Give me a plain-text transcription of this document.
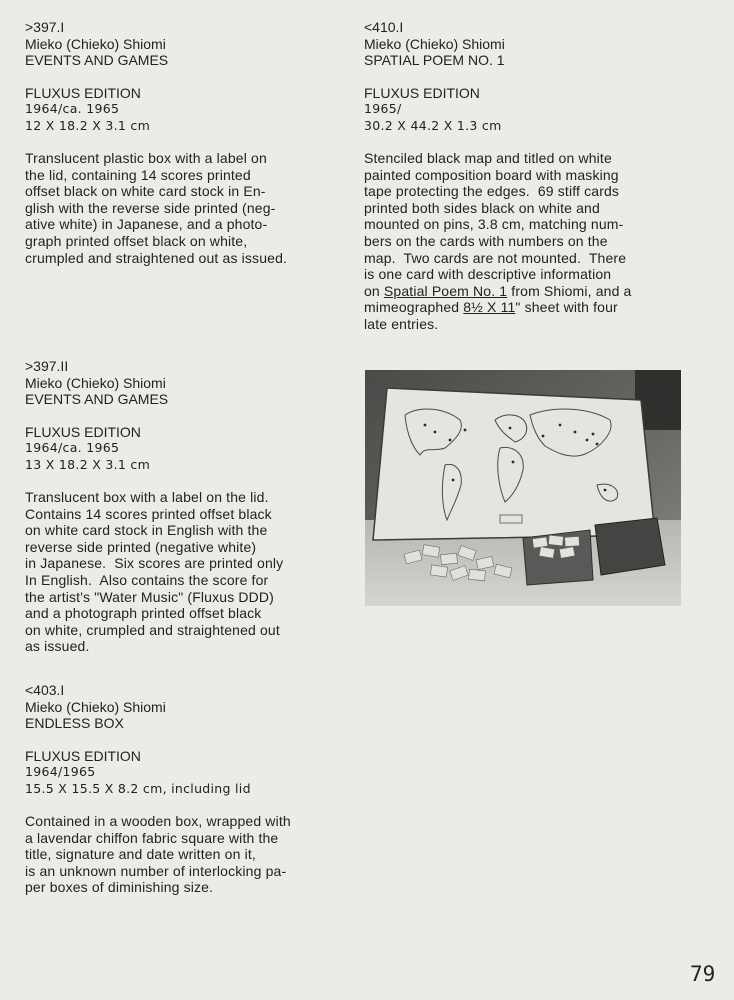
>397.I
Mieko (Chieko) Shiomi
EVENTS AND GAMES
FLUXUS EDITION
1964/ca. 1965
12 X 18.2 X 3.1 cm
Translucent plastic box with a label on
the lid, containing 14 scores printed
offset black on white card stock in En-
glish with the reverse side printed (neg-
ative white) in Japanese, and a photo-
graph printed offset black on white,
crumpled and straightened out as issued.
<410.I
Mieko (Chieko) Shiomi
SPATIAL POEM NO. 1
FLUXUS EDITION
1965/
30.2 X 44.2 X 1.3 cm
Stenciled black map and titled on white
painted composition board with masking
tape protecting the edges.  69 stiff cards
printed both sides black on white and
mounted on pins, 3.8 cm, matching num-
bers on the cards with numbers on the
map.  Two cards are not mounted.  There
is one card with descriptive information
on Spatial Poem No. 1 from Shiomi, and a
mimeographed 8½ X 11" sheet with four
late entries.
>397.II
Mieko (Chieko) Shiomi
EVENTS AND GAMES
FLUXUS EDITION
1964/ca. 1965
13 X 18.2 X 3.1 cm
Translucent box with a label on the lid.
Contains 14 scores printed offset black
on white card stock in English with the
reverse side printed (negative white)
in Japanese.  Six scores are printed only
In English.  Also contains the score for
the artist's "Water Music" (Fluxus DDD)
and a photograph printed offset black
on white, crumpled and straightened out
as issued.
<403.I
Mieko (Chieko) Shiomi
ENDLESS BOX
FLUXUS EDITION
1964/1965
15.5 X 15.5 X 8.2 cm, including lid
Contained in a wooden box, wrapped with
a lavendar chiffon fabric square with the
title, signature and date written on it,
is an unknown number of interlocking pa-
per boxes of diminishing size.
79
